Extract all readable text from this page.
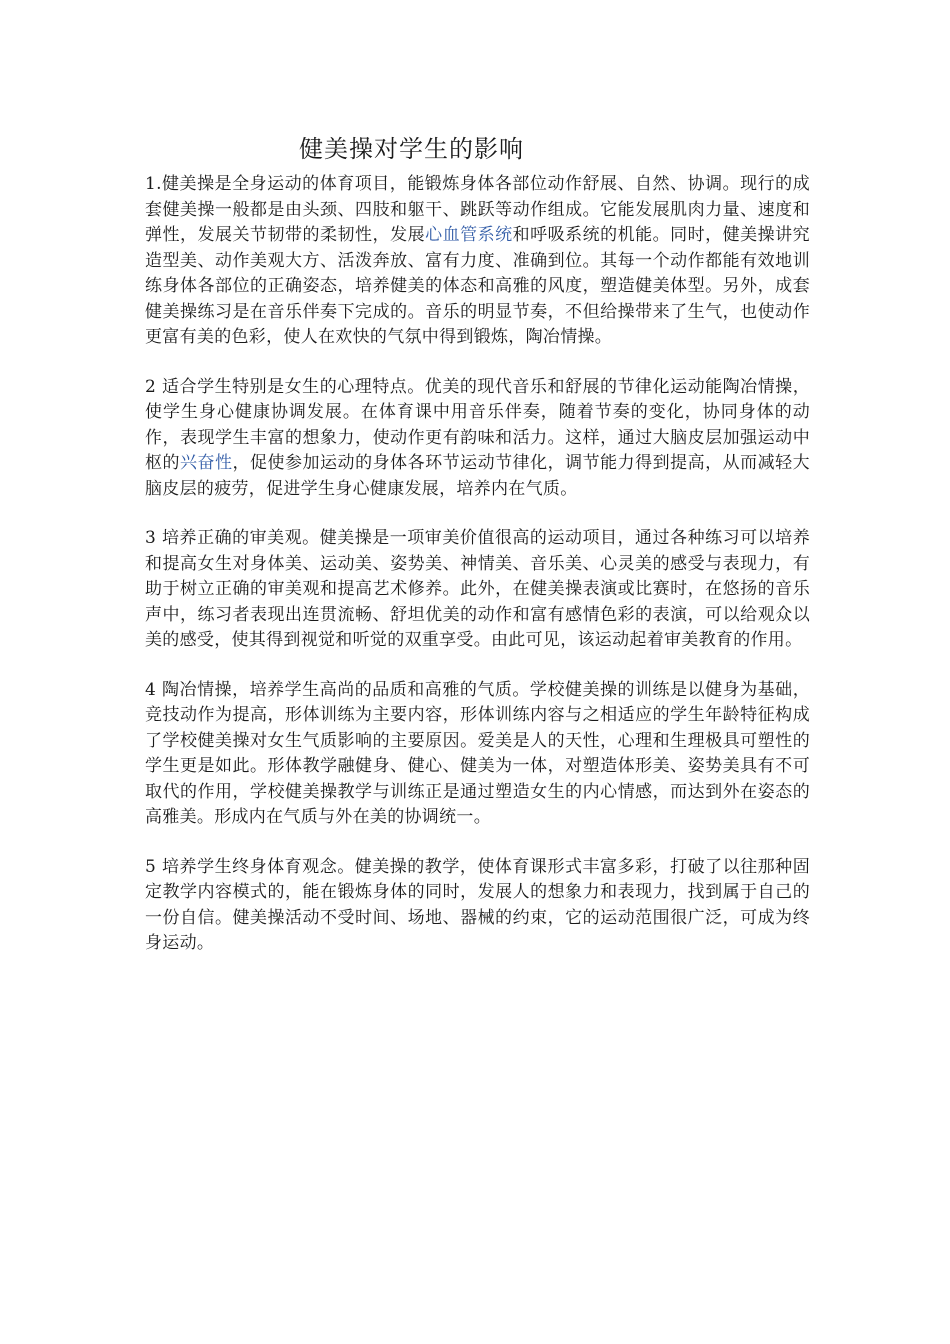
健美操对学生的影响

1.健美操是全身运动的体育项目，能锻炼身体各部位动作舒展、自然、协调。现行的成套健美操一般都是由头颈、四肢和躯干、跳跃等动作组成。它能发展肌肉力量、速度和弹性，发展关节韧带的柔韧性，发展心血管系统和呼吸系统的机能。同时，健美操讲究造型美、动作美观大方、活泼奔放、富有力度、准确到位。其每一个动作都能有效地训练身体各部位的正确姿态，培养健美的体态和高雅的风度，塑造健美体型。另外，成套健美操练习是在音乐伴奏下完成的。音乐的明显节奏，不但给操带来了生气，也使动作更富有美的色彩，使人在欢快的气氛中得到锻炼，陶冶情操。

2 适合学生特别是女生的心理特点。优美的现代音乐和舒展的节律化运动能陶冶情操，使学生身心健康协调发展。在体育课中用音乐伴奏，随着节奏的变化，协同身体的动作，表现学生丰富的想象力，使动作更有韵味和活力。这样，通过大脑皮层加强运动中枢的兴奋性，促使参加运动的身体各环节运动节律化，调节能力得到提高，从而减轻大脑皮层的疲劳，促进学生身心健康发展，培养内在气质。

3 培养正确的审美观。健美操是一项审美价值很高的运动项目，通过各种练习可以培养和提高女生对身体美、运动美、姿势美、神情美、音乐美、心灵美的感受与表现力，有助于树立正确的审美观和提高艺术修养。此外，在健美操表演或比赛时，在悠扬的音乐声中，练习者表现出连贯流畅、舒坦优美的动作和富有感情色彩的表演，可以给观众以美的感受，使其得到视觉和听觉的双重享受。由此可见，该运动起着审美教育的作用。

4 陶冶情操，培养学生高尚的品质和高雅的气质。学校健美操的训练是以健身为基础，竞技动作为提高，形体训练为主要内容，形体训练内容与之相适应的学生年龄特征构成了学校健美操对女生气质影响的主要原因。爱美是人的天性，心理和生理极具可塑性的学生更是如此。形体教学融健身、健心、健美为一体，对塑造体形美、姿势美具有不可取代的作用，学校健美操教学与训练正是通过塑造女生的内心情感，而达到外在姿态的高雅美。形成内在气质与外在美的协调统一。

5 培养学生终身体育观念。健美操的教学，使体育课形式丰富多彩，打破了以往那种固定教学内容模式的，能在锻炼身体的同时，发展人的想象力和表现力，找到属于自己的一份自信。健美操活动不受时间、场地、器械的约束，它的运动范围很广泛，可成为终身运动。
